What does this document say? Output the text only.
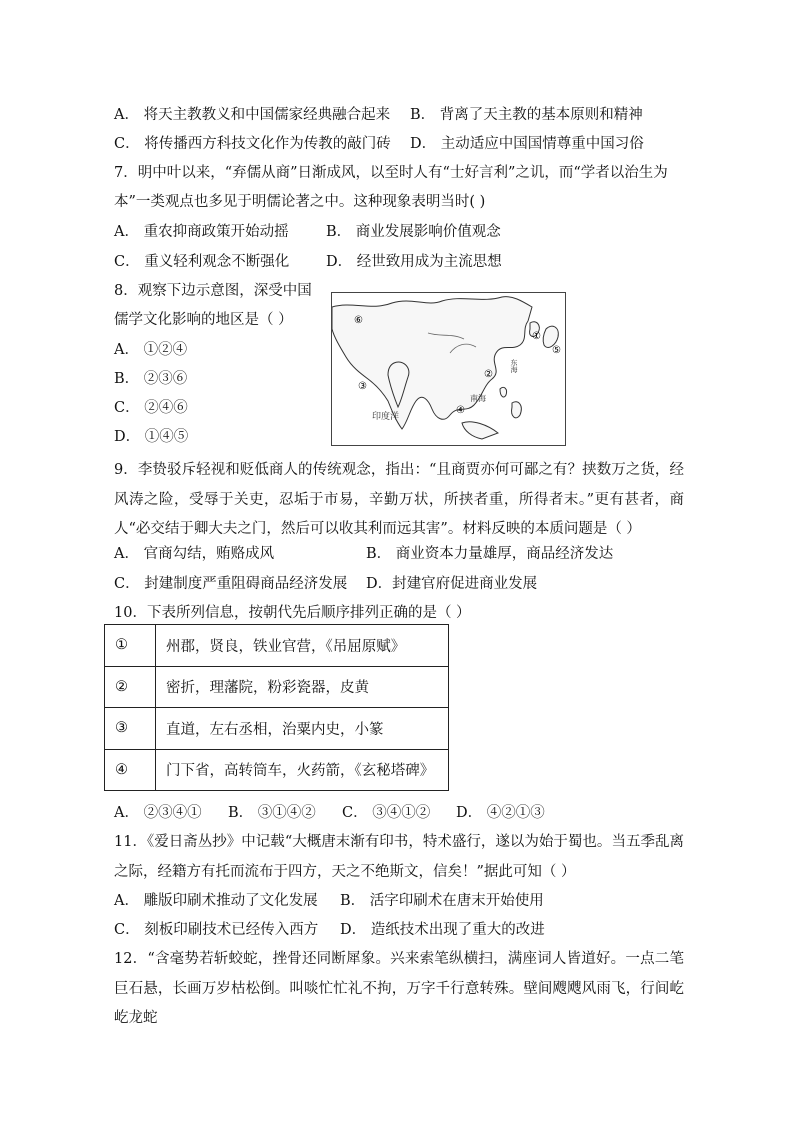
A． 将天主教教义和中国儒家经典融合起来 B． 背离了天主教的基本原则和精神
C． 将传播西方科技文化作为传教的敲门砖 D． 主动适应中国国情尊重中国习俗
7．明中叶以来，“弃儒从商”日渐成风，以至时人有“士好言利”之讥，而“学者以治生为
本”一类观点也多见于明儒论著之中。这种现象表明当时( )
A． 重农抑商政策开始动摇	B． 商业发展影响价值观念
C． 重义轻利观念不断强化	D． 经世致用成为主流思想
8．观察下边示意图，深受中国
儒学文化影响的地区是（ ）
A． ①②④
B． ②③⑥
C． ②④⑥
D． ①④⑤
⑥
①
⑤
②
③
④
印度洋
南海
东海
9．李贽驳斥轻视和贬低商人的传统观念，指出：“且商贾亦何可鄙之有？挟数万之货，经风涛之险，受辱于关吏，忍垢于市易，辛勤万状，所挟者重，所得者末。”更有甚者，商人“必交结于卿大夫之门，然后可以收其利而远其害”。材料反映的本质问题是（ ）
A． 官商勾结，贿赂成风	B． 商业资本力量雄厚，商品经济发达
C． 封建制度严重阻碍商品经济发展 D．封建官府促进商业发展
10．下表所列信息，按朝代先后顺序排列正确的是（ ）
①	州郡，贤良，铁业官营，《吊屈原赋》
②	密折，理藩院，粉彩瓷器，皮黄
③	直道，左右丞相，治粟内史，小篆
④	门下省，高转筒车，火药箭，《玄秘塔碑》
A． ②③④① B． ③①④② C． ③④①② D． ④②①③
11．《爱日斋丛抄》中记载“大概唐末渐有印书，特术盛行，遂以为始于蜀也。当五季乱离之际，经籍方有托而流布于四方，天之不绝斯文，信矣！”据此可知（ ）
A． 雕版印刷术推动了文化发展 B． 活字印刷术在唐末开始使用
C． 刻板印刷技术已经传入西方 D． 造纸技术出现了重大的改进
12．“含毫势若斩蛟蛇，挫骨还同断犀象。兴来索笔纵横扫，满座词人皆道好。一点二笔巨石悬，长画万岁枯松倒。叫啖忙忙礼不拘，万字千行意转殊。壁间飕飕风雨飞，行间屹屹龙蛇
